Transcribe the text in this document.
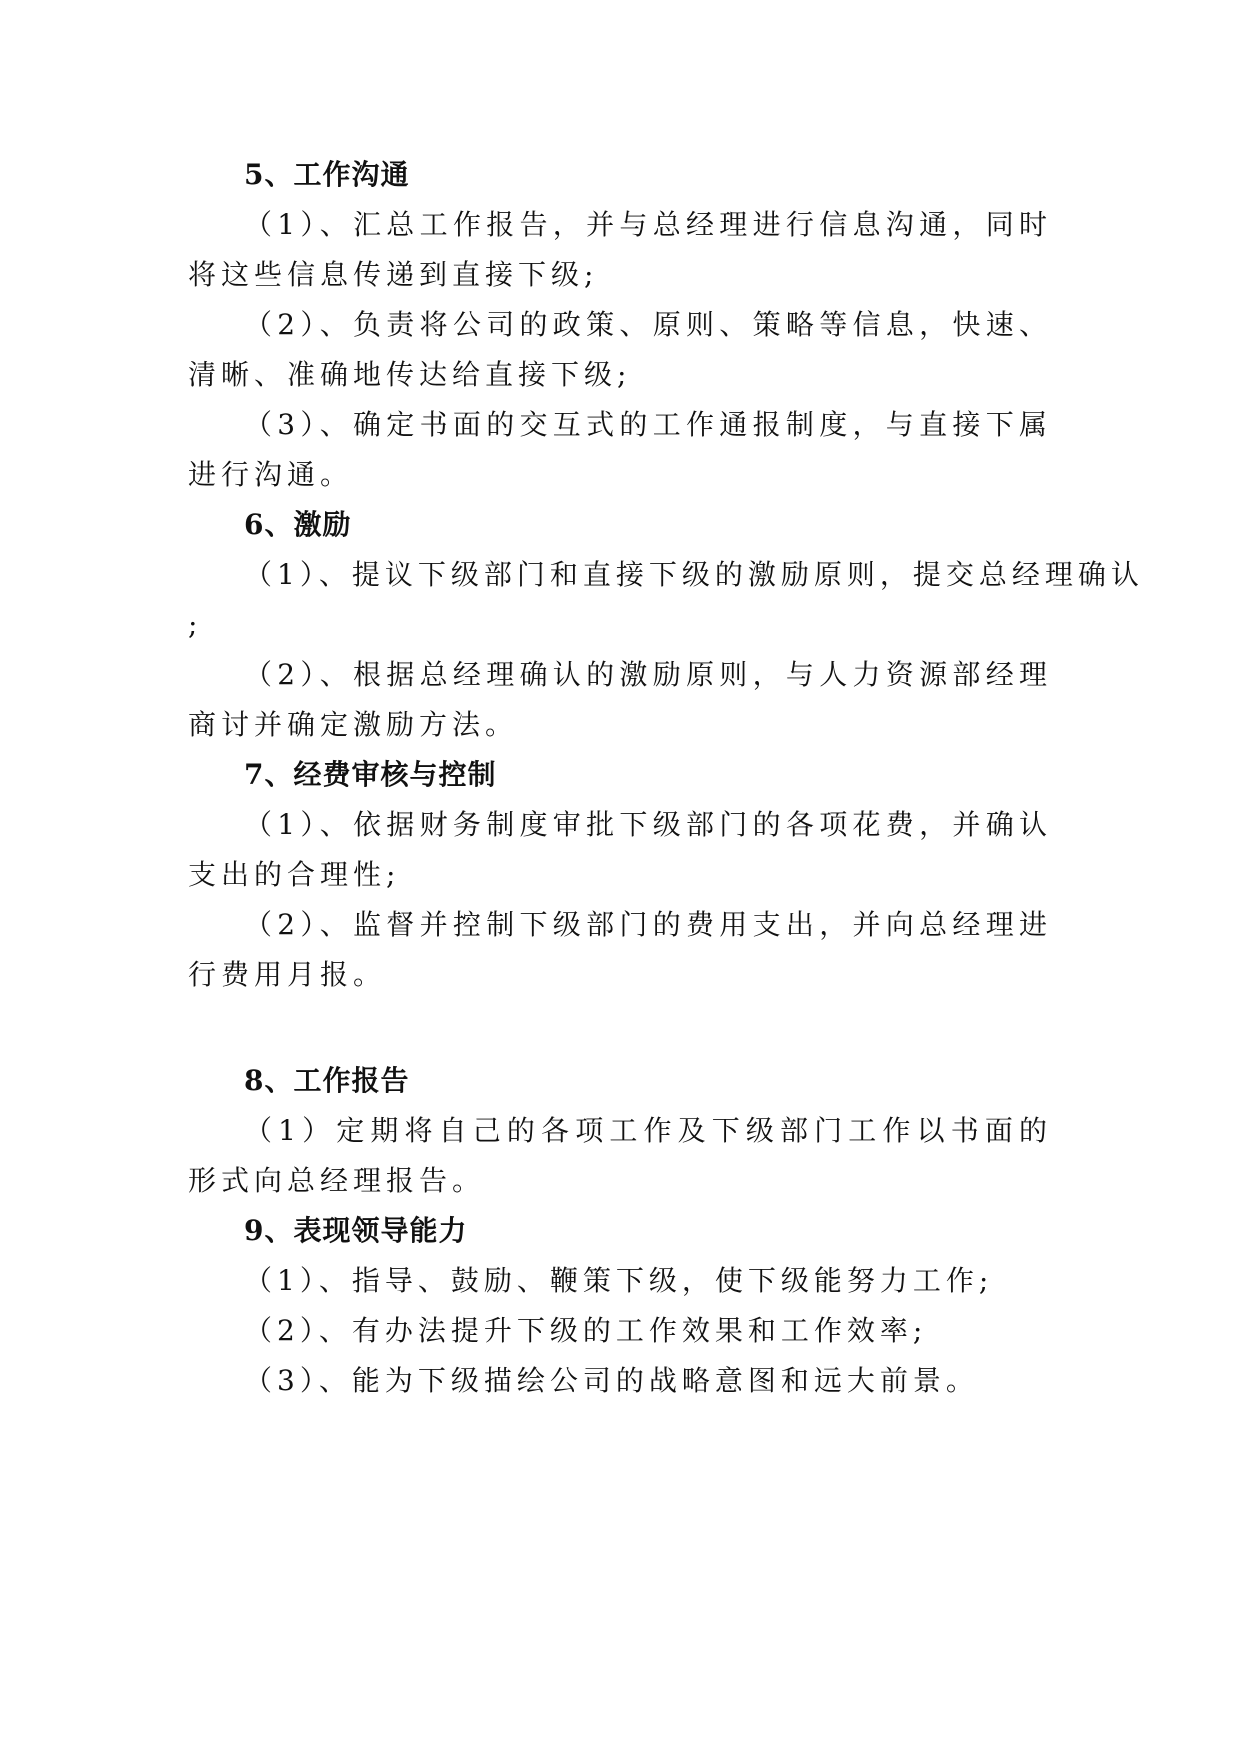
5、工作沟通

（1）、汇总工作报告，并与总经理进行信息沟通，同时将这些信息传递到直接下级;

（2）、负责将公司的政策、原则、策略等信息，快速、清晰、准确地传达给直接下级;

（3）、确定书面的交互式的工作通报制度，与直接下属进行沟通。

6、激励

（1）、提议下级部门和直接下级的激励原则，提交总经理确认

;

（2）、根据总经理确认的激励原则，与人力资源部经理商讨并确定激励方法。

7、经费审核与控制

（1）、依据财务制度审批下级部门的各项花费，并确认支出的合理性;

（2）、监督并控制下级部门的费用支出，并向总经理进行费用月报。

8、工作报告

（1）定期将自己的各项工作及下级部门工作以书面的形式向总经理报告。

9、表现领导能力

（1）、指导、鼓励、鞭策下级，使下级能努力工作;

（2）、有办法提升下级的工作效果和工作效率;

（3）、能为下级描绘公司的战略意图和远大前景。
